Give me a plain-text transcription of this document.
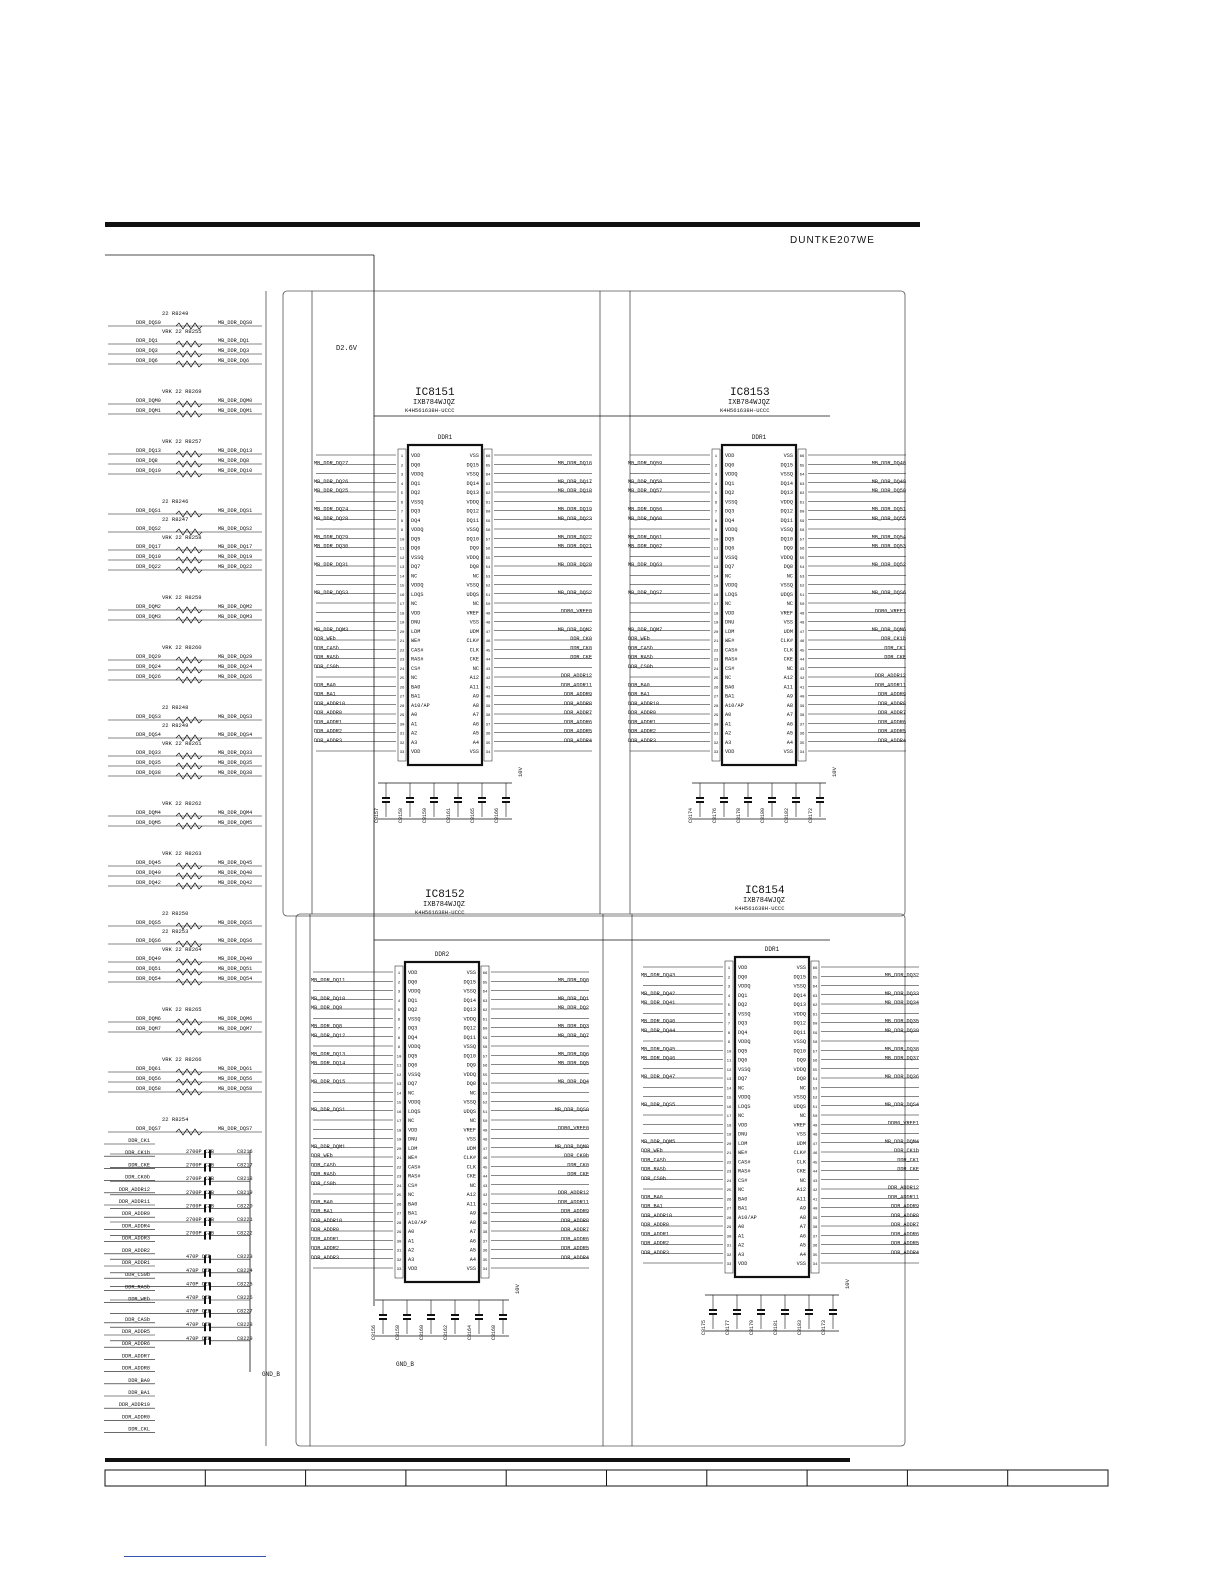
IC8151
IXB784WJQZ
K4H561638H-UCCC
DDR1
VDD
1
DQ0
2
VDDQ
3
DQ1
4
DQ2
5
VSSQ
6
DQ3
7
DQ4
8
VDDQ
9
DQ5
10
DQ6
11
VSSQ
12
DQ7
13
NC
14
VDDQ
15
LDQS
16
NC
17
VDD
18
DNU
19
LDM
20
WE#
21
CAS#
22
RAS#
23
CS#
24
NC
25
BA0
26
BA1
27
A10/AP
28
A0
29
A1
30
A2
31
A3
32
VDD
33
VSS 66
DQ15 65
VSSQ 64
DQ14 63
DQ13 62
VDDQ 61
DQ12 60
DQ11 59
VSSQ 58
DQ10 57
DQ9 56
VDDQ 55
DQ8 54
NC 53
VSSQ 52
UDQS 51
NC 50
VREF 49
VSS 48
UDM 47
CLK# 46
CLK 45
CKE 44
NC 43
A12 42
A11 41
A9 40
A8 39
A7 38
A6 37
A5 36
A4 35
VSS 34
MB_DDR_DQ27
MB_DDR_DQ26
MB_DDR_DQ25
MB_DDR_DQ24
MB_DDR_DQ28
MB_DDR_DQ29
MB_DDR_DQ30
MB_DDR_DQ31
MB_DDR_DQS3
MB_DDR_DQM3
DDR_WEb
DDR_CASb
DDR_RASb
DDR_CS0b
DDR_BA0
DDR_BA1
DDR_ADDR10
DDR_ADDR0
DDR_ADDR1
DDR_ADDR2
DDR_ADDR3
MB_DDR_DQ16
MB_DDR_DQ17
MB_DDR_DQ18
MB_DDR_DQ19
MB_DDR_DQ23
MB_DDR_DQ22
MB_DDR_DQ21
MB_DDR_DQ20
MB_DDR_DQS2
DDR0_VREF0
MB_DDR_DQM2
DDR_CK0
DDR_CK0
DDR_CKE
DDR_ADDR12
DDR_ADDR11
DDR_ADDR9
DDR_ADDR8
DDR_ADDR7
DDR_ADDR6
DDR_ADDR5
DDR_ADDR4
C8157	C8158	C8159	C8161	C8165	C8166
10V
IC8153
IXB784WJQZ
K4H561638H-UCCC
DDR1
VDD
1
DQ0
2
VDDQ
3
DQ1
4
DQ2
5
VSSQ
6
DQ3
7
DQ4
8
VDDQ
9
DQ5
10
DQ6
11
VSSQ
12
DQ7
13
NC
14
VDDQ
15
LDQS
16
NC
17
VDD
18
DNU
19
LDM
20
WE#
21
CAS#
22
RAS#
23
CS#
24
NC
25
BA0
26
BA1
27
A10/AP
28
A0
29
A1
30
A2
31
A3
32
VDD
33
VSS 66
DQ15 65
VSSQ 64
DQ14 63
DQ13 62
VDDQ 61
DQ12 60
DQ11 59
VSSQ 58
DQ10 57
DQ9 56
VDDQ 55
DQ8 54
NC 53
VSSQ 52
UDQS 51
NC 50
VREF 49
VSS 48
UDM 47
CLK# 46
CLK 45
CKE 44
NC 43
A12 42
A11 41
A9 40
A8 39
A7 38
A6 37
A5 36
A4 35
VSS 34
MB_DDR_DQ59
MB_DDR_DQ58
MB_DDR_DQ57
MB_DDR_DQ56
MB_DDR_DQ60
MB_DDR_DQ61
MB_DDR_DQ62
MB_DDR_DQ63
MB_DDR_DQS7
MB_DDR_DQM7
DDR_WEb
DDR_CASb
DDR_RASb
DDR_CS0b
DDR_BA0
DDR_BA1
DDR_ADDR10
DDR_ADDR0
DDR_ADDR1
DDR_ADDR2
DDR_ADDR3
MB_DDR_DQ48
MB_DDR_DQ49
MB_DDR_DQ50
MB_DDR_DQ51
MB_DDR_DQ55
MB_DDR_DQ54
MB_DDR_DQ53
MB_DDR_DQ52
MB_DDR_DQS6
DDR0_VREF1
MB_DDR_DQM6
DDR_CK1b
DDR_CK1
DDR_CKE
DDR_ADDR12
DDR_ADDR11
DDR_ADDR9
DDR_ADDR8
DDR_ADDR7
DDR_ADDR6
DDR_ADDR5
DDR_ADDR4
C8174	C8176	C8178	C8180	C8182	C8172
10V
IC8152
IXB784WJQZ
K4H561638H-UCCC
DDR2
VDD
1
DQ0
2
VDDQ
3
DQ1
4
DQ2
5
VSSQ
6
DQ3
7
DQ4
8
VDDQ
9
DQ5
10
DQ6
11
VSSQ
12
DQ7
13
NC
14
VDDQ
15
LDQS
16
NC
17
VDD
18
DNU
19
LDM
20
WE#
21
CAS#
22
RAS#
23
CS#
24
NC
25
BA0
26
BA1
27
A10/AP
28
A0
29
A1
30
A2
31
A3
32
VDD
33
VSS 66
DQ15 65
VSSQ 64
DQ14 63
DQ13 62
VDDQ 61
DQ12 60
DQ11 59
VSSQ 58
DQ10 57
DQ9 56
VDDQ 55
DQ8 54
NC 53
VSSQ 52
UDQS 51
NC 50
VREF 49
VSS 48
UDM 47
CLK# 46
CLK 45
CKE 44
NC 43
A12 42
A11 41
A9 40
A8 39
A7 38
A6 37
A5 36
A4 35
VSS 34
MB_DDR_DQ11
MB_DDR_DQ10
MB_DDR_DQ9
MB_DDR_DQ8
MB_DDR_DQ12
MB_DDR_DQ13
MB_DDR_DQ14
MB_DDR_DQ15
MB_DDR_DQS1
MB_DDR_DQM1
DDR_WEb
DDR_CASb
DDR_RASb
DDR_CS0b
DDR_BA0
DDR_BA1
DDR_ADDR10
DDR_ADDR0
DDR_ADDR1
DDR_ADDR2
DDR_ADDR3
MB_DDR_DQ0
MB_DDR_DQ1
MB_DDR_DQ2
MB_DDR_DQ3
MB_DDR_DQ7
MB_DDR_DQ6
MB_DDR_DQ5
MB_DDR_DQ4
MB_DDR_DQS0
DDR0_VREF0
MB_DDR_DQM0
DDR_CK0b
DDR_CK0
DDR_CKE
DDR_ADDR12
DDR_ADDR11
DDR_ADDR9
DDR_ADDR8
DDR_ADDR7
DDR_ADDR6
DDR_ADDR5
DDR_ADDR4
C8156	C8158	C8160	C8162	C8164	C8168
10V
IC8154
IXB784WJQZ
K4H561638H-UCCC
DDR1
VDD
1
DQ0
2
VDDQ
3
DQ1
4
DQ2
5
VSSQ
6
DQ3
7
DQ4
8
VDDQ
9
DQ5
10
DQ6
11
VSSQ
12
DQ7
13
NC
14
VDDQ
15
LDQS
16
NC
17
VDD
18
DNU
19
LDM
20
WE#
21
CAS#
22
RAS#
23
CS#
24
NC
25
BA0
26
BA1
27
A10/AP
28
A0
29
A1
30
A2
31
A3
32
VDD
33
VSS 66
DQ15 65
VSSQ 64
DQ14 63
DQ13 62
VDDQ 61
DQ12 60
DQ11 59
VSSQ 58
DQ10 57
DQ9 56
VDDQ 55
DQ8 54
NC 53
VSSQ 52
UDQS 51
NC 50
VREF 49
VSS 48
UDM 47
CLK# 46
CLK 45
CKE 44
NC 43
A12 42
A11 41
A9 40
A8 39
A7 38
A6 37
A5 36
A4 35
VSS 34
MB_DDR_DQ43
MB_DDR_DQ42
MB_DDR_DQ41
MB_DDR_DQ40
MB_DDR_DQ44
MB_DDR_DQ45
MB_DDR_DQ46
MB_DDR_DQ47
MB_DDR_DQS5
MB_DDR_DQM5
DDR_WEb
DDR_CASb
DDR_RASb
DDR_CS0b
DDR_BA0
DDR_BA1
DDR_ADDR10
DDR_ADDR0
DDR_ADDR1
DDR_ADDR2
DDR_ADDR3
MB_DDR_DQ32
MB_DDR_DQ33
MB_DDR_DQ34
MB_DDR_DQ35
MB_DDR_DQ39
MB_DDR_DQ38
MB_DDR_DQ37
MB_DDR_DQ36
MB_DDR_DQS4
DDR0_VREF1
MB_DDR_DQM4
DDR_CK1b
DDR_CK1
DDR_CKE
DDR_ADDR12
DDR_ADDR11
DDR_ADDR9
DDR_ADDR8
DDR_ADDR7
DDR_ADDR6
DDR_ADDR5
DDR_ADDR4
C8175	C8177	C8179	C8181	C8183	C8173
10V
22 R8249
DDR_DQS0	MB_DDR_DQS0
VRK 22 R8255
DDR_DQ1	MB_DDR_DQ1
DDR_DQ3	MB_DDR_DQ3
DDR_DQ6	MB_DDR_DQ6
VRK 22 R8269
DDR_DQM0	MB_DDR_DQM0
DDR_DQM1	MB_DDR_DQM1
VRK 22 R8257
DDR_DQ13	MB_DDR_DQ13
DDR_DQ8	MB_DDR_DQ8
DDR_DQ10	MB_DDR_DQ10
22 R8246
DDR_DQS1	MB_DDR_DQS1
22 R8247
DDR_DQS2	MB_DDR_DQS2
VRK 22 R8258
DDR_DQ17	MB_DDR_DQ17
DDR_DQ19	MB_DDR_DQ19
DDR_DQ22	MB_DDR_DQ22
VRK 22 R8259
DDR_DQM2	MB_DDR_DQM2
DDR_DQM3	MB_DDR_DQM3
VRK 22 R8260
DDR_DQ29	MB_DDR_DQ29
DDR_DQ24	MB_DDR_DQ24
DDR_DQ26	MB_DDR_DQ26
22 R8248
DDR_DQS3	MB_DDR_DQS3
22 R8249
DDR_DQS4	MB_DDR_DQS4
VRK 22 R8261
DDR_DQ33	MB_DDR_DQ33
DDR_DQ35	MB_DDR_DQ35
DDR_DQ38	MB_DDR_DQ38
VRK 22 R8262
DDR_DQM4	MB_DDR_DQM4
DDR_DQM5	MB_DDR_DQM5
VRK 22 R8263
DDR_DQ45	MB_DDR_DQ45
DDR_DQ40	MB_DDR_DQ40
DDR_DQ42	MB_DDR_DQ42
22 R8250
DDR_DQS5	MB_DDR_DQS5
22 R8253
DDR_DQS6	MB_DDR_DQS6
VRK 22 R8264
DDR_DQ49	MB_DDR_DQ49
DDR_DQ51	MB_DDR_DQ51
DDR_DQ54	MB_DDR_DQ54
VRK 22 R8265
DDR_DQM6	MB_DDR_DQM6
DDR_DQM7	MB_DDR_DQM7
VRK 22 R8266
DDR_DQ61	MB_DDR_DQ61
DDR_DQ56	MB_DDR_DQ56
DDR_DQ58	MB_DDR_DQ58
22 R8254
DDR_DQS7	MB_DDR_DQS7
C8216
2700P CZB
C8217
2700P CZB
C8218
2700P CZB
C8219
2700P CZB
C8220
2700P CZB
C8221
2700P CZB
C8222
2700P CZB
C8223
470P CZB
C8224
470P CZB
C8225
470P CZB
C8226
470P CZB
C8227
470P CZB
C8228
470P CZB
C8229
470P CZB
DDR_CK1
DDR_CK1b
DDR_CKE
DDR_CK0b
DDR_ADDR12
DDR_ADDR11
DDR_ADDR9
DDR_ADDR4
DDR_ADDR3
DDR_ADDR2
DDR_ADDR1
DDR_CS0b
DDR_RASb
DDR_WEb
DDR_CASb
DDR_ADDR5
DDR_ADDR6
DDR_ADDR7
DDR_ADDR8
DDR_BA0
DDR_BA1
DDR_ADDR10
DDR_ADDR0
DDR_CKL
D2.6V
GND_B
GND_B
DUNTKE207WE
